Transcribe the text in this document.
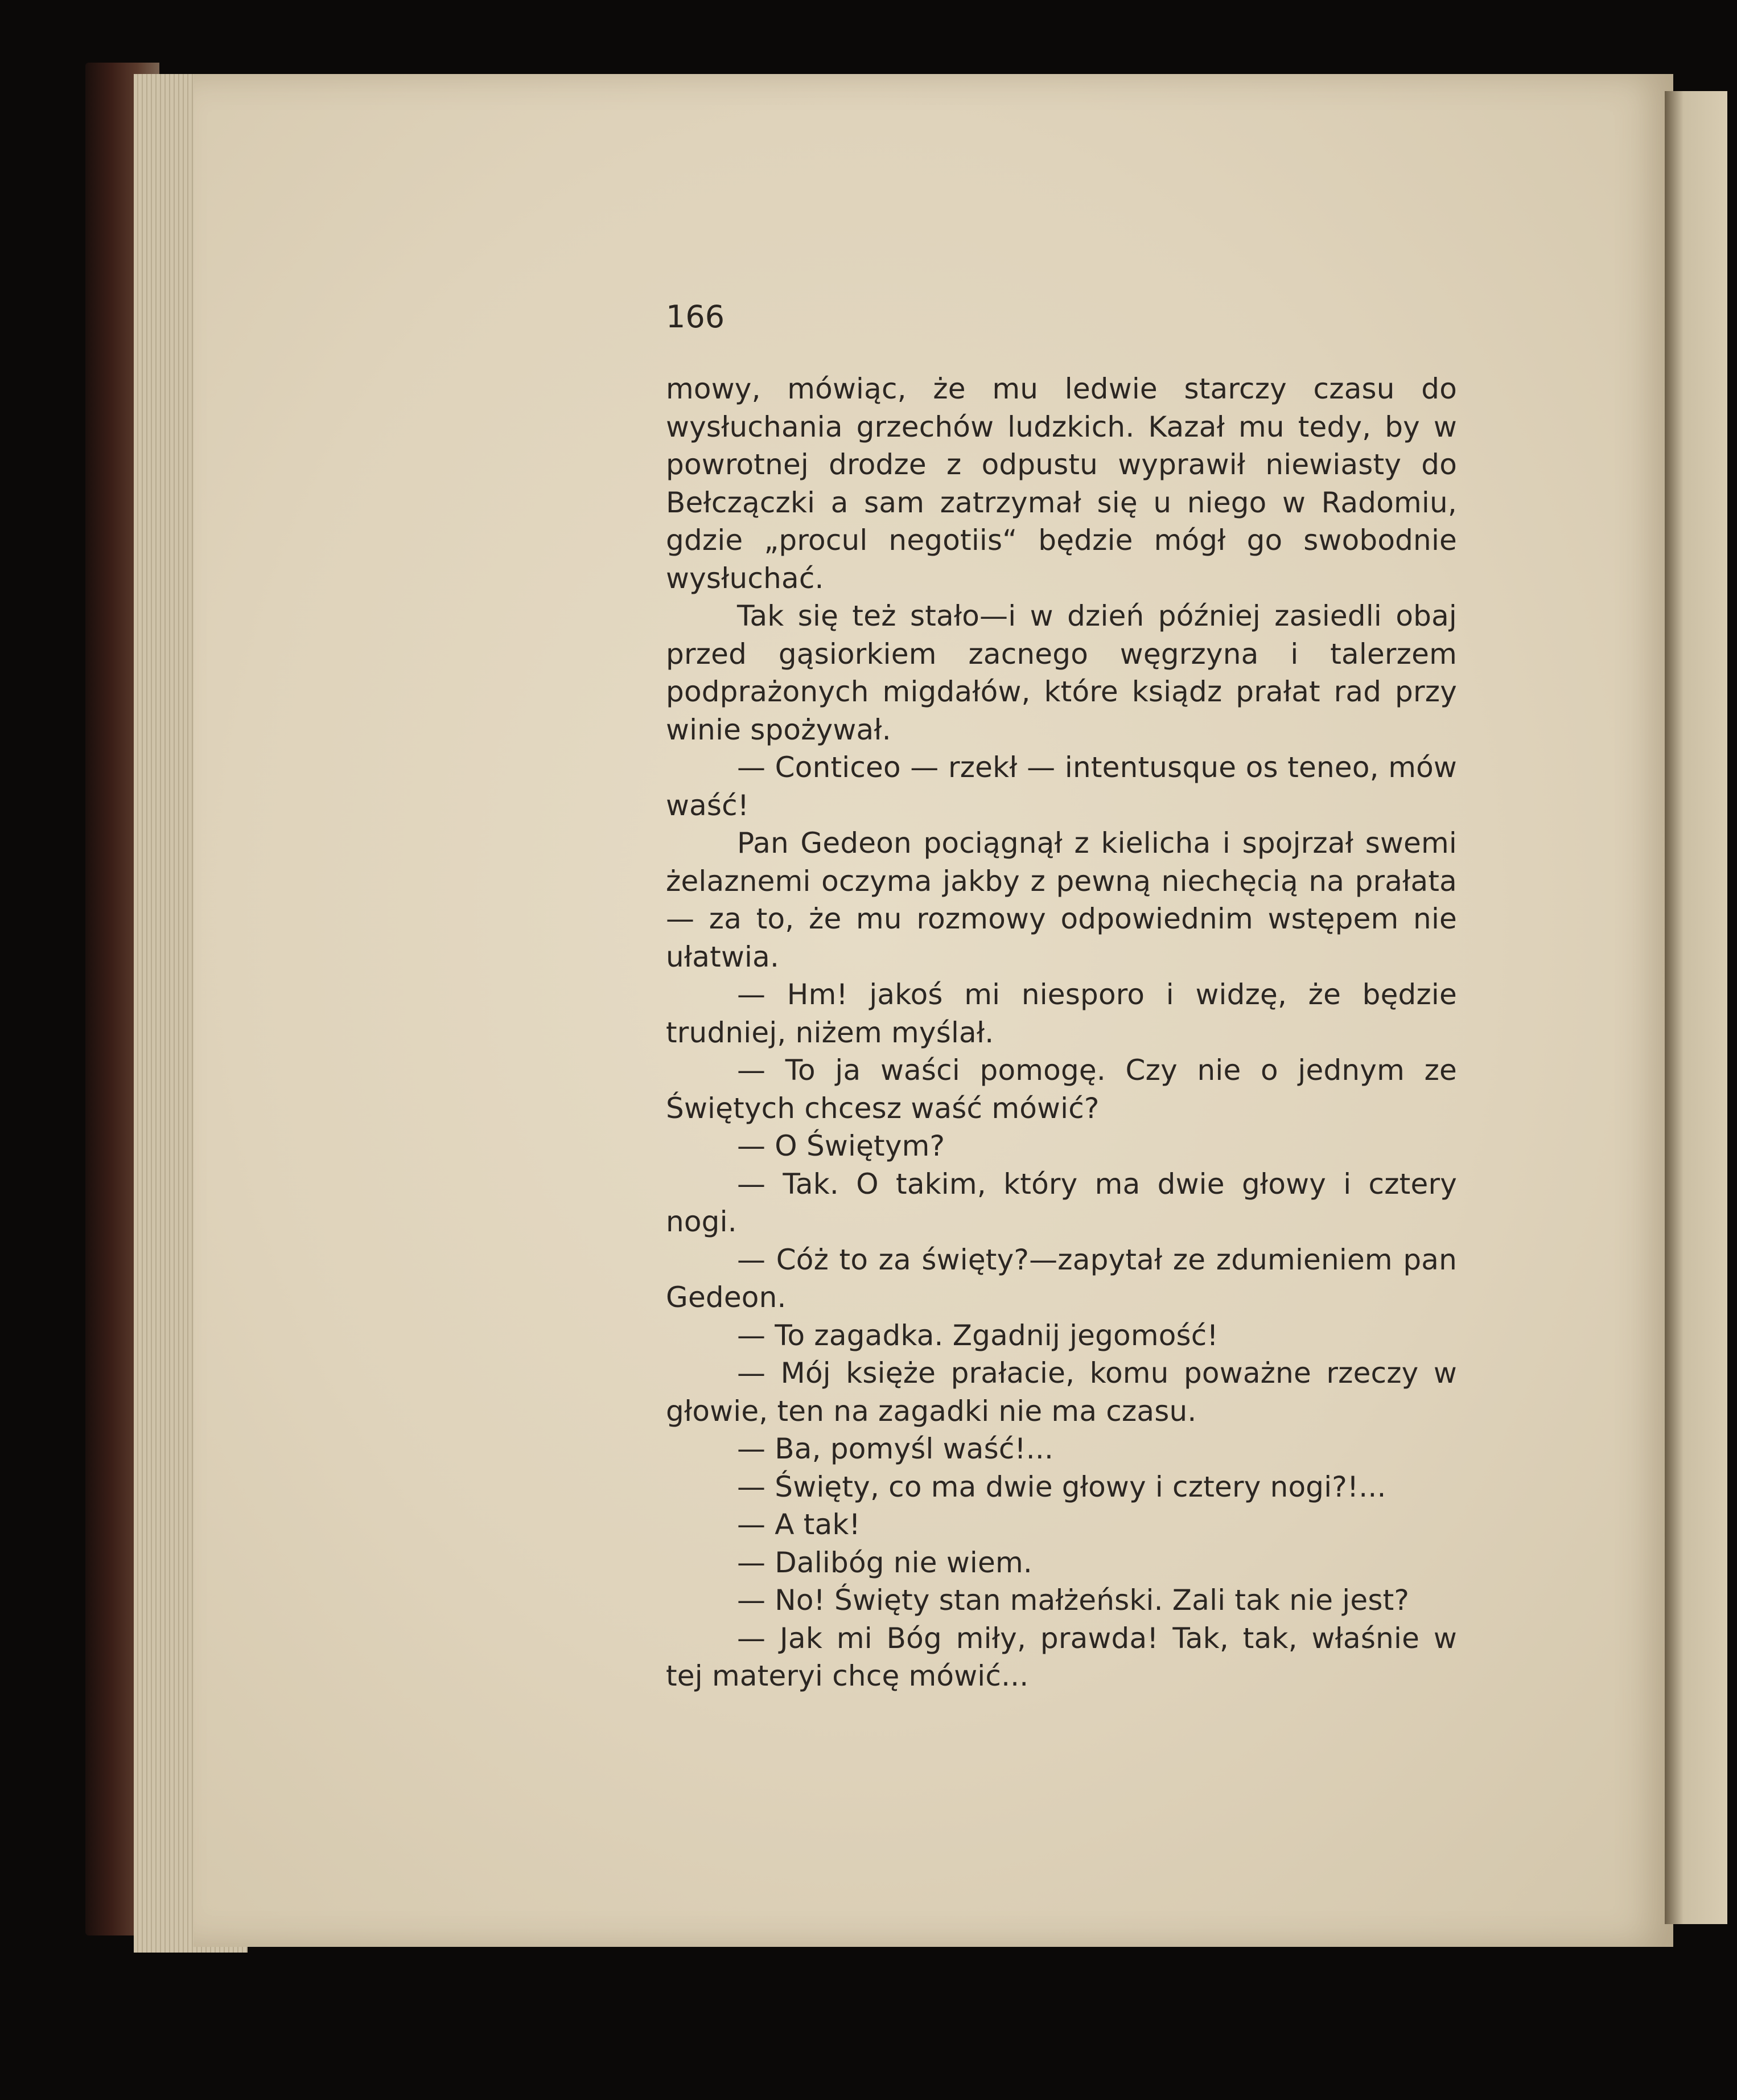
166

mowy, mówiąc, że mu ledwie starczy czasu do wysłuchania grzechów ludzkich. Kazał mu tedy, by w powrotnej drodze z odpustu wyprawił niewiasty do Bełczączki a sam zatrzymał się u niego w Radomiu, gdzie „procul negotiis“ będzie mógł go swobodnie wysłuchać.

Tak się też stało—i w dzień później zasiedli obaj przed gąsiorkiem zacnego węgrzyna i talerzem podprażonych migdałów, które ksiądz prałat rad przy winie spożywał.

— Conticeo — rzekł — intentusque os teneo, mów waść!

Pan Gedeon pociągnął z kielicha i spojrzał swemi żelaznemi oczyma jakby z pewną niechęcią na prałata — za to, że mu rozmowy odpowiednim wstępem nie ułatwia.

— Hm! jakoś mi niesporo i widzę, że będzie trudniej, niżem myślał.

— To ja waści pomogę. Czy nie o jednym ze Świętych chcesz waść mówić?

— O Świętym?

— Tak. O takim, który ma dwie głowy i cztery nogi.

— Cóż to za święty?—zapytał ze zdumieniem pan Gedeon.

— To zagadka. Zgadnij jegomość!

— Mój księże prałacie, komu poważne rzeczy w głowie, ten na zagadki nie ma czasu.

— Ba, pomyśl waść!...

— Święty, co ma dwie głowy i cztery nogi?!...

— A tak!

— Dalibóg nie wiem.

— No! Święty stan małżeński. Zali tak nie jest?

— Jak mi Bóg miły, prawda! Tak, tak, właśnie w tej materyi chcę mówić...
